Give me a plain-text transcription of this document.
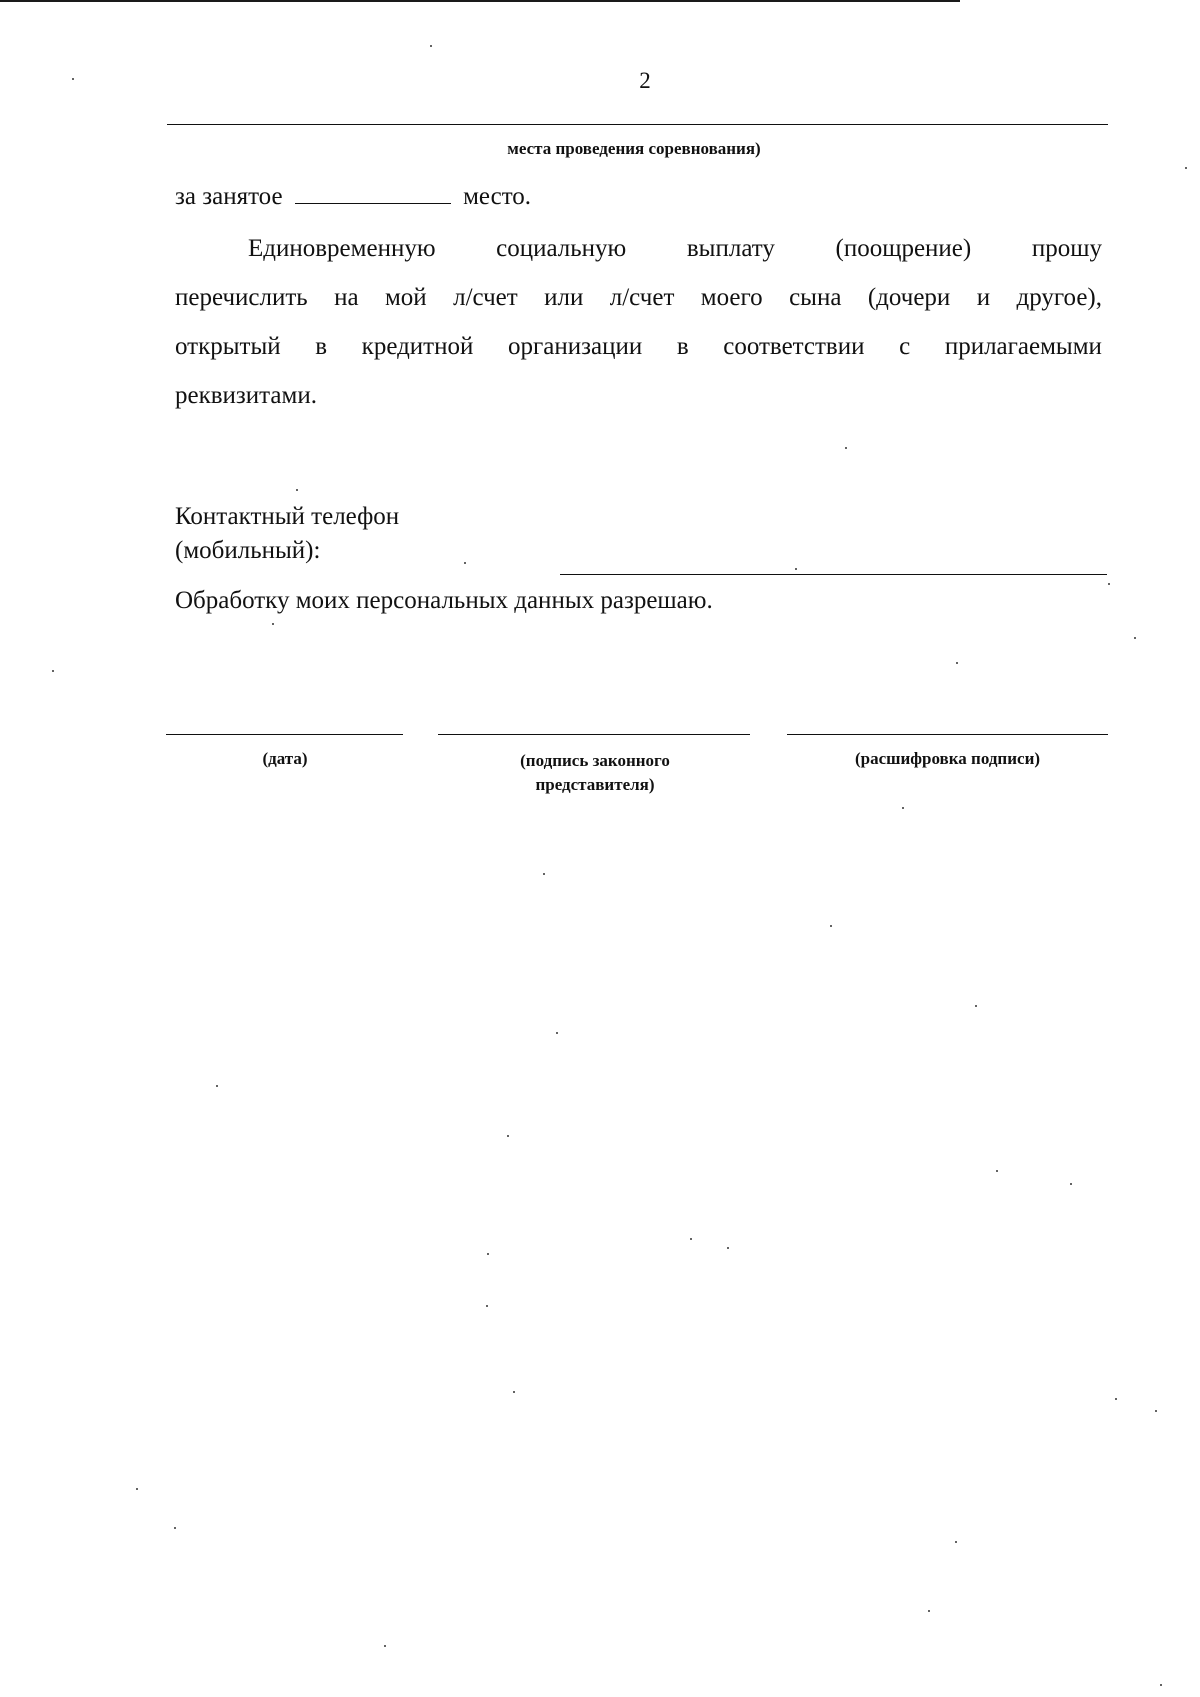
2
места проведения соревнования)
за занятое	место.
Единовременную социальную выплату (поощрение) прошу
перечислить на мой л/счет или л/счет моего сына (дочери и другое),
открытый в кредитной организации в соответствии с прилагаемыми
реквизитами.
Контактный телефон
(мобильный):
Обработку моих персональных данных разрешаю.
(дата)	(подпись законного
представителя)
(расшифровка подписи)
